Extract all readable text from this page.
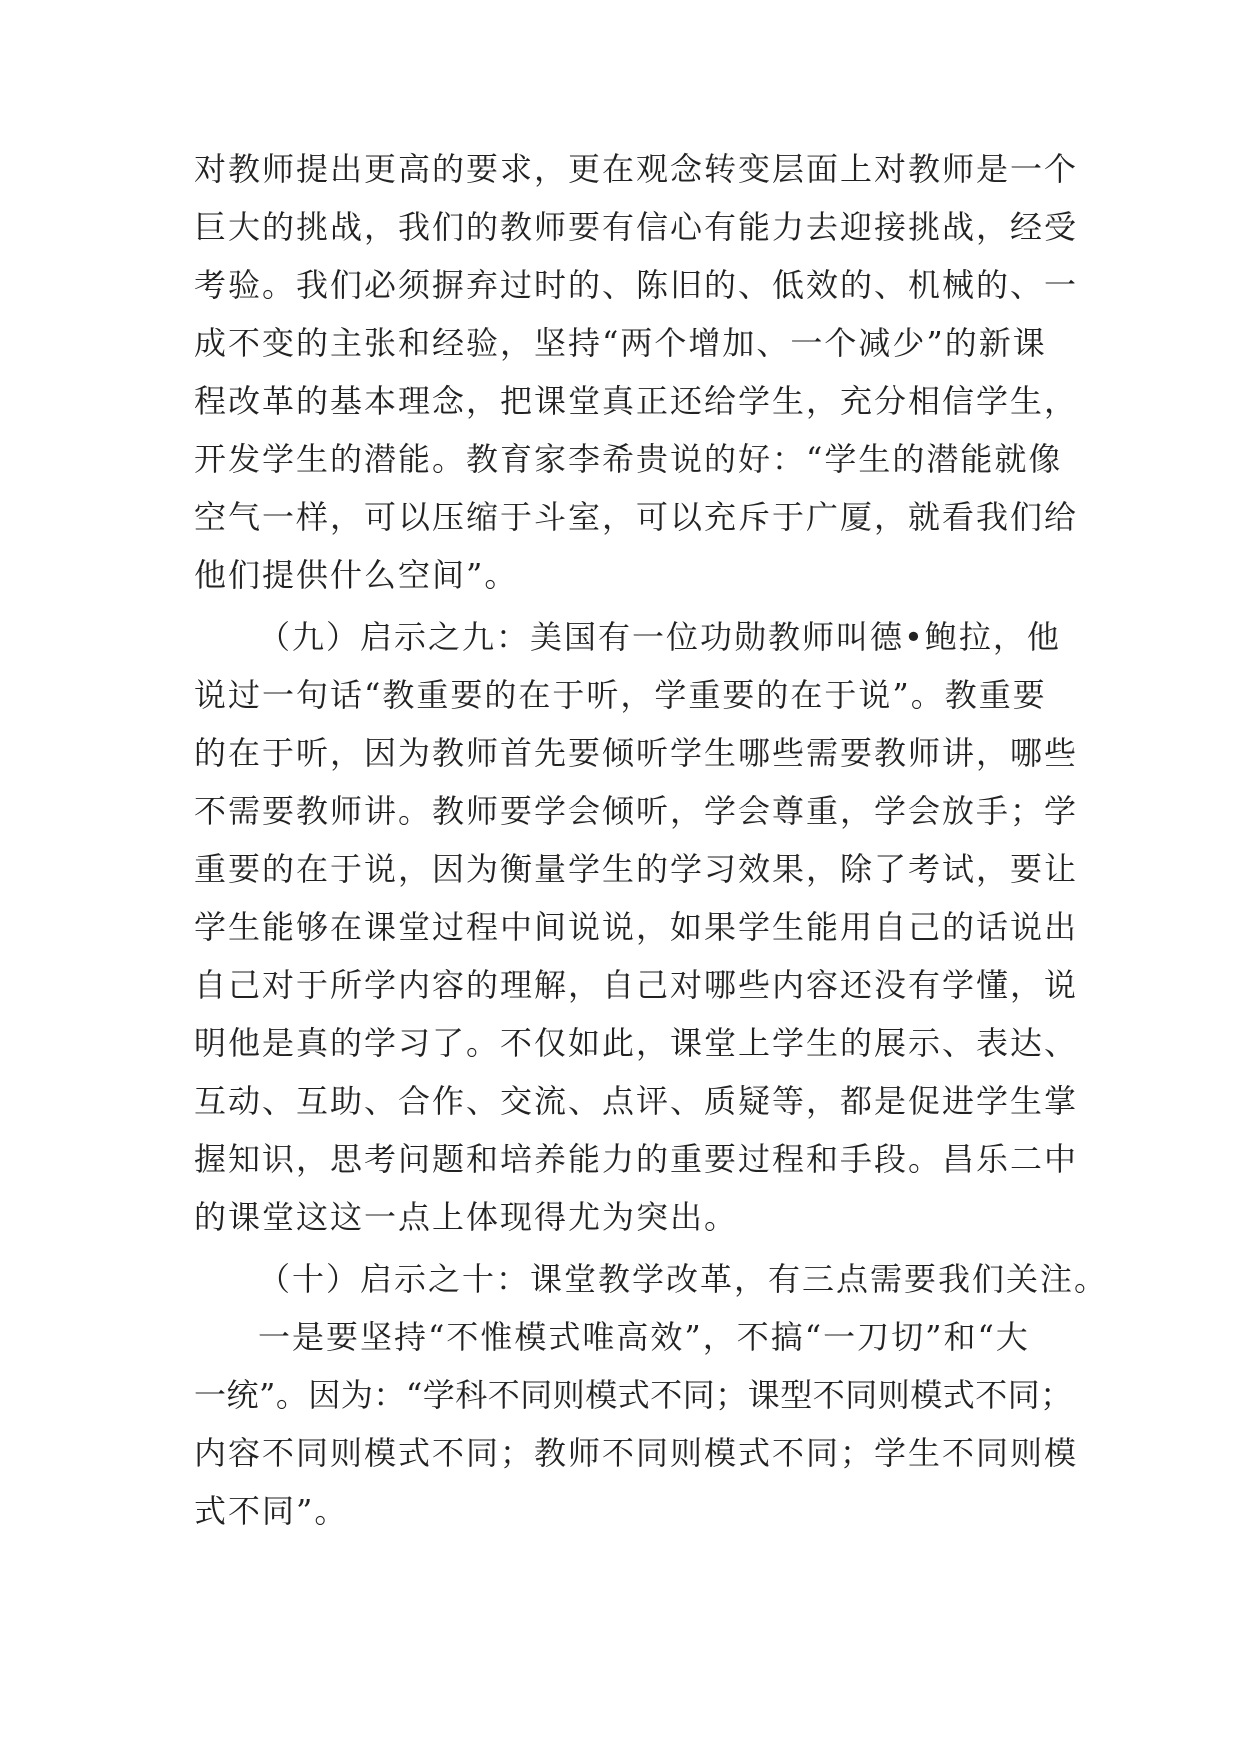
对教师提出更高的要求，更在观念转变层面上对教师是一个
巨大的挑战，我们的教师要有信心有能力去迎接挑战，经受
考验。我们必须摒弃过时的、陈旧的、低效的、机械的、一
成不变的主张和经验，坚持“两个增加、一个减少”的新课
程改革的基本理念，把课堂真正还给学生，充分相信学生，
开发学生的潜能。教育家李希贵说的好：“学生的潜能就像
空气一样，可以压缩于斗室，可以充斥于广厦，就看我们给
他们提供什么空间”。
（九）启示之九：美国有一位功勋教师叫德•鲍拉，他
说过一句话“教重要的在于听，学重要的在于说”。教重要
的在于听，因为教师首先要倾听学生哪些需要教师讲，哪些
不需要教师讲。教师要学会倾听，学会尊重，学会放手；学
重要的在于说，因为衡量学生的学习效果，除了考试，要让
学生能够在课堂过程中间说说，如果学生能用自己的话说出
自己对于所学内容的理解，自己对哪些内容还没有学懂，说
明他是真的学习了。不仅如此，课堂上学生的展示、表达、
互动、互助、合作、交流、点评、质疑等，都是促进学生掌
握知识，思考问题和培养能力的重要过程和手段。昌乐二中
的课堂这这一点上体现得尤为突出。
（十）启示之十：课堂教学改革，有三点需要我们关注。
一是要坚持“不惟模式唯高效”，不搞“一刀切”和“大
一统”。因为：“学科不同则模式不同；课型不同则模式不同；
内容不同则模式不同；教师不同则模式不同；学生不同则模
式不同”。
